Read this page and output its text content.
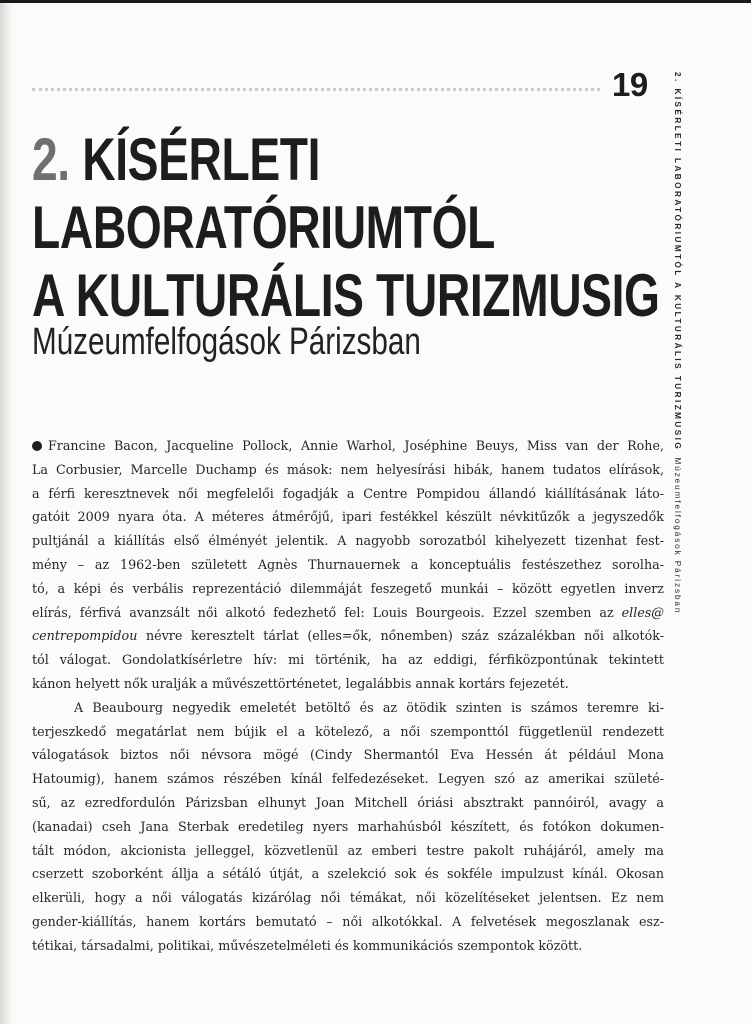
19	2. KÍSÉRLETI LABORATÓRIUMTÓL A KULTURÁLIS TURIZMUSIG Múzeumfelfogások Párizsban
2. KÍSÉRLETI
LABORATÓRIUMTÓL
A KULTURÁLIS TURIZMUSIG
Múzeumfelfogások Párizsban
Francine Bacon, Jacqueline Pollock, Annie Warhol, Joséphine Beuys, Miss van der Rohe,
La Corbusier, Marcelle Duchamp és mások: nem helyesírási hibák, hanem tudatos elírások,
a férfi keresztnevek női megfelelői fogadják a Centre Pompidou állandó kiállításának láto-
gatóit 2009 nyara óta. A méteres átmérőjű, ipari festékkel készült névkitűzők a jegyszedők
pultjánál a kiállítás első élményét jelentik. A nagyobb sorozatból kihelyezett tizenhat fest-
mény – az 1962-ben született Agnès Thurnauernek a konceptuális festészethez sorolha-
tó, a képi és verbális reprezentáció dilemmáját feszegető munkái – között egyetlen inverz
elírás, férfivá avanzsált női alkotó fedezhető fel: Louis Bourgeois. Ezzel szemben az elles@
centrepompidou névre keresztelt tárlat (elles=ők, nőnemben) száz százalékban női alkotók-
tól válogat. Gondolatkísérletre hív: mi történik, ha az eddigi, férfiközpontúnak tekintett
kánon helyett nők uralják a művészettörténetet, legalábbis annak kortárs fejezetét.
A Beaubourg negyedik emeletét betöltő és az ötödik szinten is számos teremre ki-
terjeszkedő megatárlat nem bújik el a kötelező, a női szemponttól függetlenül rendezett
válogatások biztos női névsora mögé (Cindy Shermantól Eva Hessén át például Mona
Hatoumig), hanem számos részében kínál felfedezéseket. Legyen szó az amerikai születé-
sű, az ezredfordulón Párizsban elhunyt Joan Mitchell óriási absztrakt pannóiról, avagy a
(kanadai) cseh Jana Sterbak eredetileg nyers marhahúsból készített, és fotókon dokumen-
tált módon, akcionista jelleggel, közvetlenül az emberi testre pakolt ruhájáról, amely ma
cserzett szoborként állja a sétáló útját, a szelekció sok és sokféle impulzust kínál. Okosan
elkerüli, hogy a női válogatás kizárólag női témákat, női közelítéseket jelentsen. Ez nem
gender-kiállítás, hanem kortárs bemutató – női alkotókkal. A felvetések megoszlanak esz-
tétikai, társadalmi, politikai, művészetelméleti és kommunikációs szempontok között.
